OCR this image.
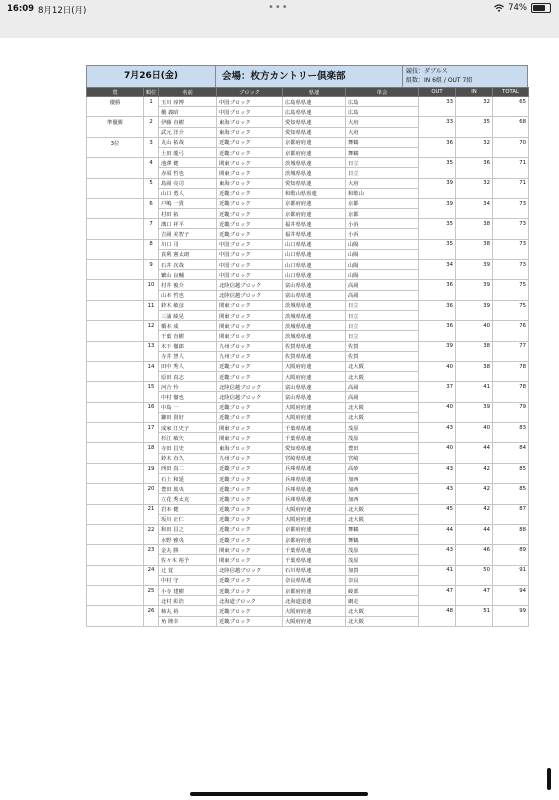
16:09 8月12日(月)	•••	74%
7月26日(金)	会場：枚方カントリー倶楽部	競技：ダブルス
組数：IN 6組 / OUT 7組
賞	順位	名前	ブロック	県連	単会	OUT	IN	TOTAL
優勝	1	玉川 淳博	中国ブロック	広島県県連	広島	33	32	65
		橋 義昭	中国ブロック	広島県県連	広島			
準優勝	2	伊藤 直樹	東海ブロック	愛知県県連	大府	33	35	68
		武元 洋介	東海ブロック	愛知県県連	大府			
3位	3	丸山 拓哉	近畿ブロック	京都府府連	舞鶴	36	32	70
		土田 龍弓	近畿ブロック	京都府府連	舞鶴			
	4	池澤 健	関東ブロック	茨城県県連	日立	35	36	71
		赤須 哲也	関東ブロック	茨城県県連	日立			
	5	島岡 亮司	東海ブロック	愛知県県連	大府	39	32	71
		山口 勇人	近畿ブロック	和歌山県県連	和歌山			
	6	戸嶋 一貴	近畿ブロック	京都府府連	京都	39	34	73
		村田 拓	近畿ブロック	京都府府連	京都			
	7	溝口 祥平	近畿ブロック	福井県県連	小浜	35	38	73
		吉岡 美智子	近畿ブロック	福井県県連	小浜			
	8	川口 司	中国ブロック	山口県県連	山陽	35	38	73
		真利 憲太朗	中国ブロック	山口県県連	山陽			
	9	石井 次哉	中国ブロック	山口県県連	山陽	34	39	73
		繁山 良輔	中国ブロック	山口県県連	山陽			
	10	村井 俊介	北陸信越ブロック	富山県県連	高岡	36	39	75
		山本 哲也	北陸信越ブロック	富山県県連	高岡			
	11	鈴木 敏彦	関東ブロック	茨城県県連	日立	36	39	75
		三浦 綾晃	関東ブロック	茨城県県連	日立			
	12	橋本 成	関東ブロック	茨城県県連	日立	36	40	76
		千葉 直樹	関東ブロック	茨城県県連	日立			
	13	木下 徹郎	九州ブロック	佐賀県県連	佐賀	39	38	77
		寺井 慧人	九州ブロック	佐賀県県連	佐賀			
	14	田中 秀人	近畿ブロック	大阪府府連	北大阪	40	38	78
		原田 真志	近畿ブロック	大阪府府連	北大阪			
	15	河合 怜	北陸信越ブロック	富山県県連	高岡	37	41	78
		中村 徹也	北陸信越ブロック	富山県県連	高岡			
	16	中島 一	近畿ブロック	大阪府府連	北大阪	40	39	79
		鎌田 貴好	近畿ブロック	大阪府府連	北大阪			
	17	成家 江史子	関東ブロック	千葉県県連	茂原	43	40	83
		杉江 敏矢	関東ブロック	千葉県県連	茂原			
	18	寺田 昌史	東海ブロック	愛知県県連	豊田	40	44	84
		鈴木 直久	九州ブロック	宮崎県県連	宮崎			
	19	西田 真二	近畿ブロック	兵庫県県連	高砂	43	42	85
		石上 和延	近畿ブロック	兵庫県県連	加西			
	20	豊田 篤央	近畿ブロック	兵庫県県連	加西	43	42	85
		立花 秀太克	近畿ブロック	兵庫県県連	加西			
	21	岩本 健	近畿ブロック	大阪府府連	北大阪	45	42	87
		坂川 正仁	近畿ブロック	大阪府府連	北大阪			
	22	和田 昌之	近畿ブロック	京都府府連	舞鶴	44	44	88
		水野 雅央	近畿ブロック	京都府府連	舞鶴			
	23	金丸 勝	関東ブロック	千葉県県連	茂原	43	46	89
		佐々木 裕予	関東ブロック	千葉県県連	茂原			
	24	辻 覚	北陸信越ブロック	石川県県連	加賀	41	50	91
		中村 守	近畿ブロック	奈良県県連	奈良			
	25	小寺 建樹	近畿ブロック	京都府府連	綾部	47	47	94
		北村 彰浩	北海道ブロック	北海道道連	網走			
	26	柿丸 裕	近畿ブロック	大阪府府連	北大阪	48	51	99
		角 隆幸	近畿ブロック	大阪府府連	北大阪			
